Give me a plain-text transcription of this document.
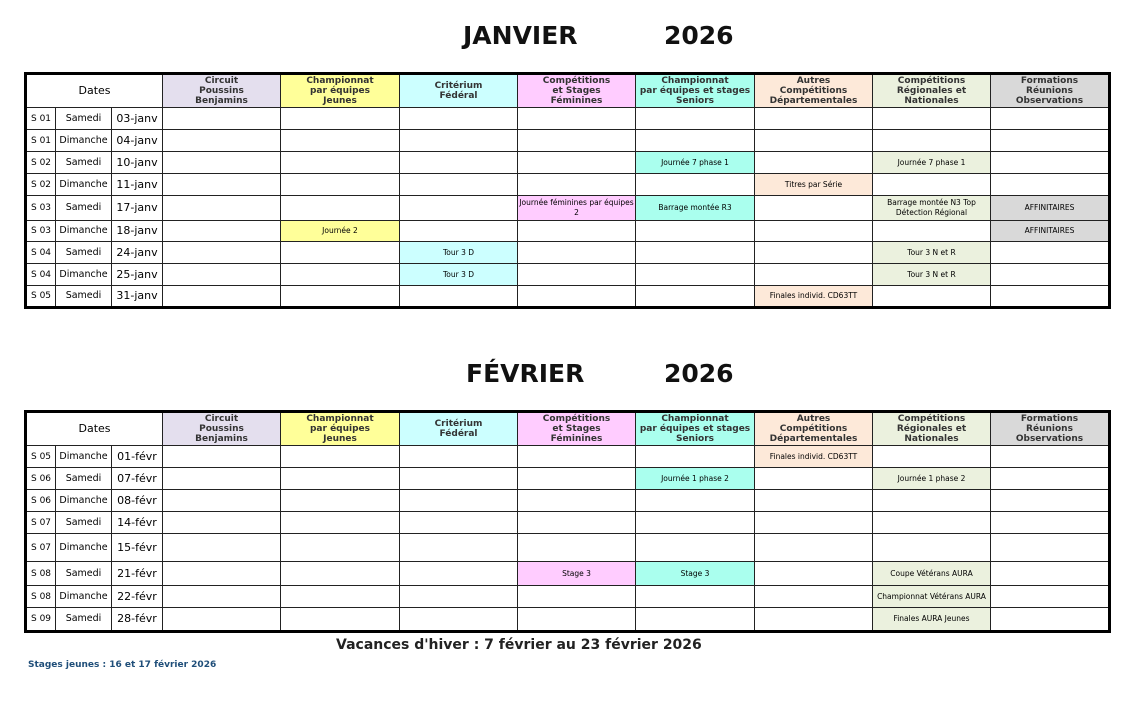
JANVIER	2026
Dates			Circuit
Poussins
Benjamins	Championnat
par équipes
Jeunes	Critérium
Fédéral	Compétitions
et Stages
Féminines	Championnat
par équipes et stages
Seniors	Autres
Compétitions
Départementales	Compétitions
Régionales et
Nationales	Formations
Réunions
Observations
S 01	Samedi	03-janv								
S 01	Dimanche	04-janv								
S 02	Samedi	10-janv					Journée 7 phase 1		Journée 7 phase 1	
S 02	Dimanche	11-janv						Titres par Série		
S 03	Samedi	17-janv				Journée féminines par équipes 2	Barrage montée R3		Barrage montée N3 Top Détection Régional	AFFINITAIRES
S 03	Dimanche	18-janv		Journée 2						AFFINITAIRES
S 04	Samedi	24-janv			Tour 3 D				Tour 3 N et R	
S 04	Dimanche	25-janv			Tour 3 D				Tour 3 N et R	
S 05	Samedi	31-janv						Finales individ. CD63TT		
FÉVRIER	2026
Dates			Circuit
Poussins
Benjamins	Championnat
par équipes
Jeunes	Critérium
Fédéral	Compétitions
et Stages
Féminines	Championnat
par équipes et stages
Seniors	Autres
Compétitions
Départementales	Compétitions
Régionales et
Nationales	Formations
Réunions
Observations
S 05	Dimanche	01-févr						Finales individ. CD63TT		
S 06	Samedi	07-févr					Journée 1 phase 2		Journée 1 phase 2	
S 06	Dimanche	08-févr								
S 07	Samedi	14-févr								
S 07	Dimanche	15-févr								
S 08	Samedi	21-févr				Stage 3	Stage 3		Coupe Vétérans AURA	
S 08	Dimanche	22-févr							Championnat Vétérans AURA	
S 09	Samedi	28-févr							Finales AURA Jeunes	
Vacances d'hiver : 7 février au 23 février 2026
Stages jeunes : 16 et 17 février 2026
